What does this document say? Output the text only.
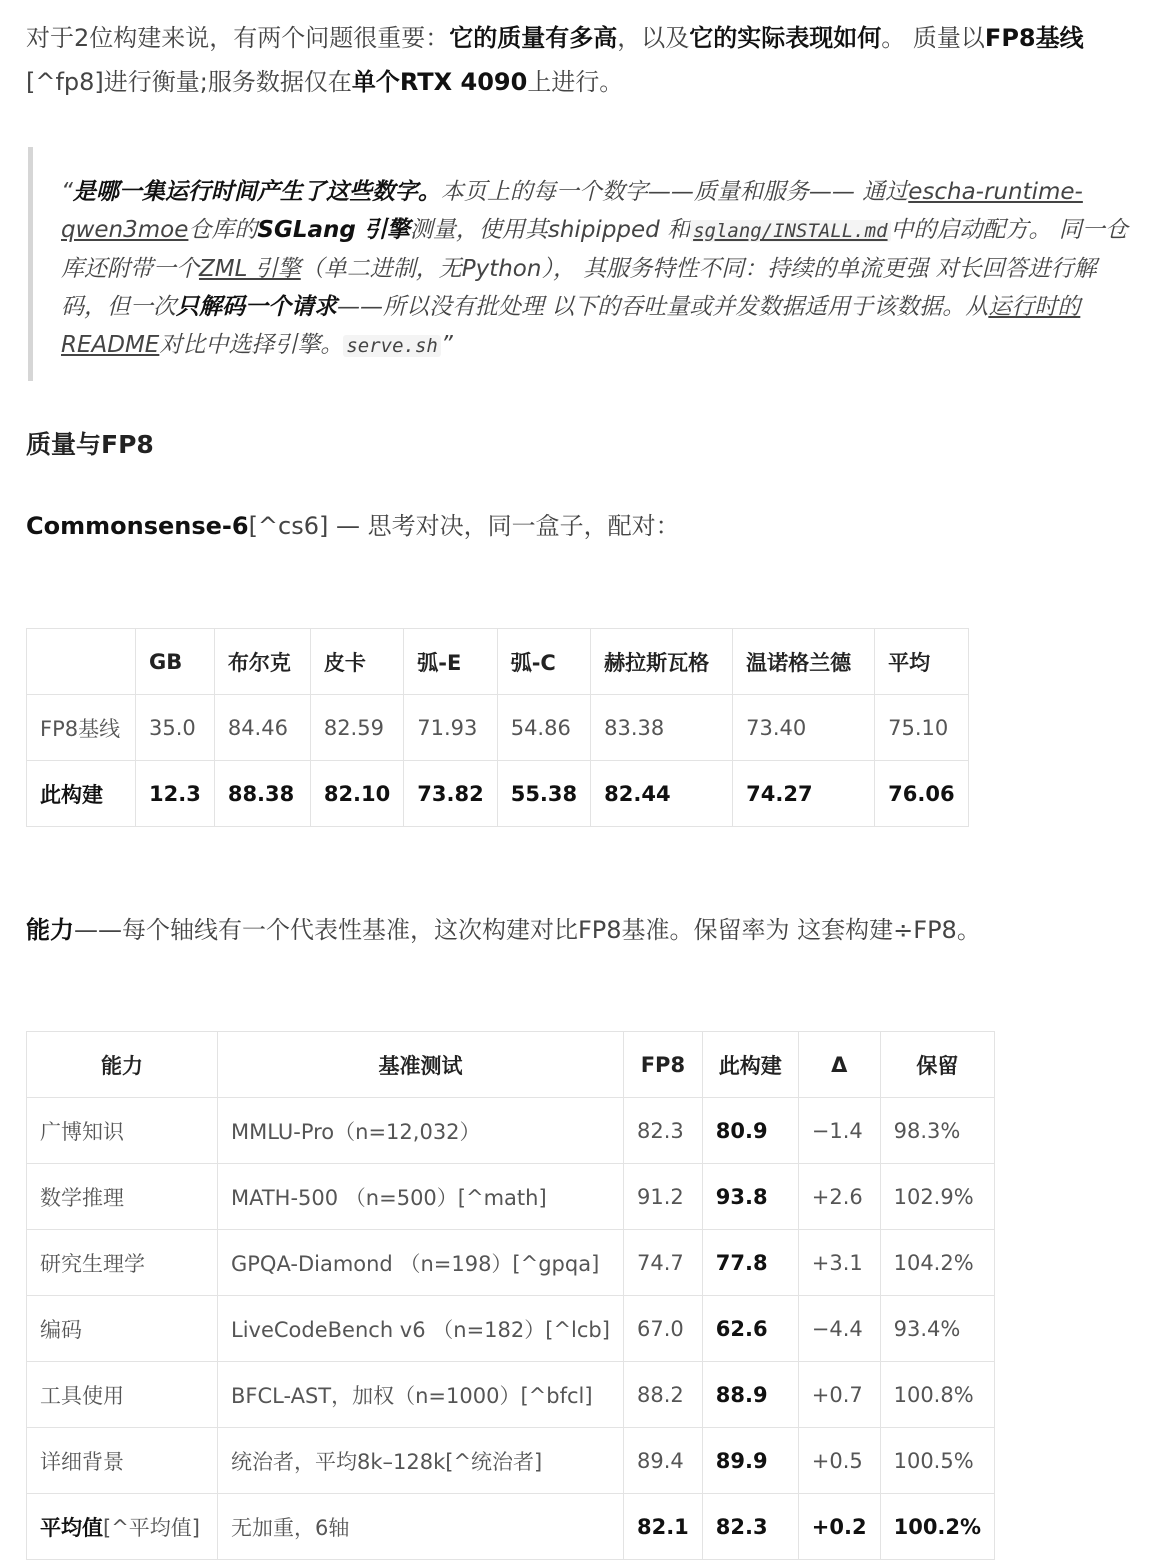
对于2位构建来说，有两个问题很重要：它的质量有多高，以及它的实际表现如何。 质量以FP8基线[^fp8]进行衡量;服务数据仅在单个RTX 4090上进行。

“是哪一集运行时间产生了这些数字。本页上的每一个数字——质量和服务—— 通过escha-runtime-qwen3moe仓库的SGLang 引擎测量，使用其shipipped 和 sglang/INSTALL.md 中的启动配方。 同一仓库还附带一个ZML 引擎（单二进制，无Python）， 其服务特性不同：持续的单流更强 对长回答进行解码，但一次只解码一个请求——所以没有批处理 以下的吞吐量或并发数据适用于该数据。从运行时的README对比中选择引擎。 serve.sh ”

质量与FP8

Commonsense-6[^cs6] — 思考对决，同一盒子，配对：

	GB	布尔克	皮卡	弧-E	弧-C	赫拉斯瓦格	温诺格兰德	平均
FP8基线	35.0	84.46	82.59	71.93	54.86	83.38	73.40	75.10
此构建	12.3	88.38	82.10	73.82	55.38	82.44	74.27	76.06

能力——每个轴线有一个代表性基准，这次构建对比FP8基准。保留率为 这套构建÷FP8。

能力	基准测试	FP8	此构建	Δ	保留
广博知识	MMLU-Pro（n=12,032）	82.3	80.9	−1.4	98.3%
数学推理	MATH-500 （n=500）[^math]	91.2	93.8	+2.6	102.9%
研究生理学	GPQA-Diamond （n=198）[^gpqa]	74.7	77.8	+3.1	104.2%
编码	LiveCodeBench v6 （n=182）[^lcb]	67.0	62.6	−4.4	93.4%
工具使用	BFCL-AST，加权（n=1000）[^bfcl]	88.2	88.9	+0.7	100.8%
详细背景	统治者，平均8k–128k[^统治者]	89.4	89.9	+0.5	100.5%
平均值[^平均值]	无加重，6轴	82.1	82.3	+0.2	100.2%
